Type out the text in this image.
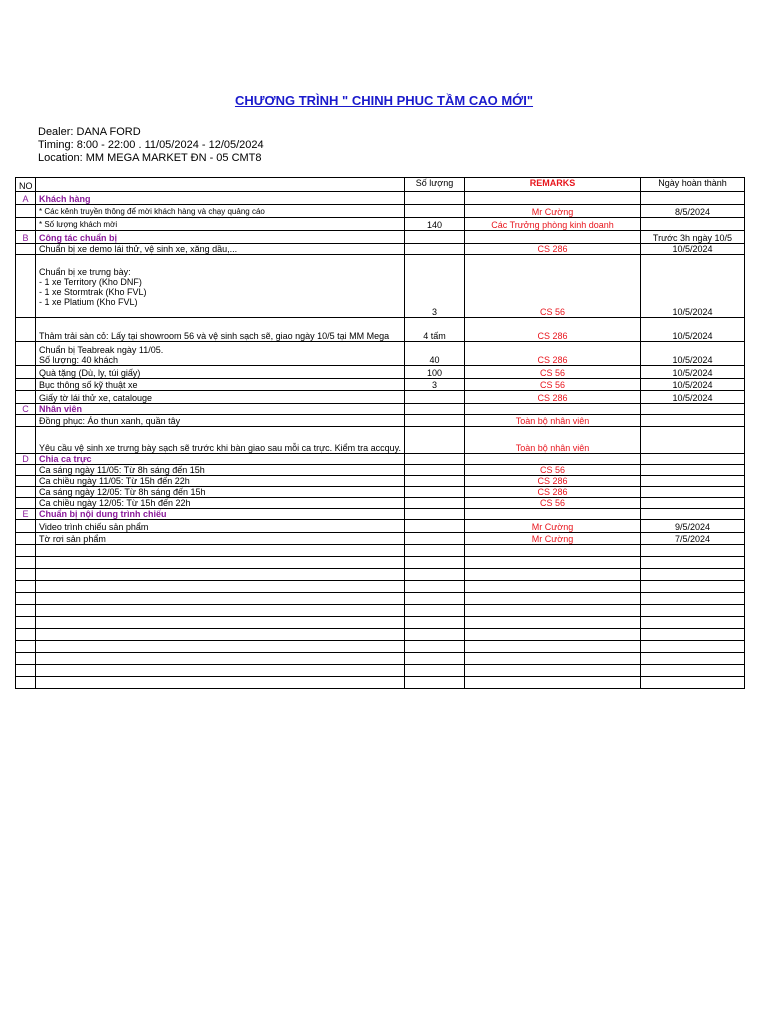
CHƯƠNG TRÌNH " CHINH PHUC TẦM CAO MỚI"
Dealer: DANA FORD
Timing: 8:00 - 22:00 . 11/05/2024 - 12/05/2024
Location: MM MEGA MARKET ĐN - 05 CMT8
NO		Số lượng	REMARKS	Ngày hoàn thành
A	Khách hàng			
	* Các kênh truyền thông để mời khách hàng và chạy quảng cáo		Mr Cường	8/5/2024
	* Số lượng khách mời	140	Các Trưởng phòng kinh doanh	
B	Công tác chuẩn bị			Trước 3h ngày 10/5
	Chuẩn bị xe demo lái thử, vệ sinh xe, xăng dầu,...		CS 286	10/5/2024
	Chuẩn bị xe trưng bày:
- 1 xe Territory (Kho DNF)
- 1 xe Stormtrak (Kho FVL)
- 1 xe Platium (Kho FVL)	3	CS 56	10/5/2024
	Thảm trải sàn cỏ: Lấy tại showroom 56 và vệ sinh sạch sẽ, giao ngày 10/5 tại MM Mega	4 tấm	CS 286	10/5/2024
	Chuẩn bị Teabreak ngày 11/05.
Số lượng: 40 khách	40	CS 286	10/5/2024
	Quà tặng (Dù, ly, túi giấy)	100	CS 56	10/5/2024
	Bục thông số kỹ thuật xe	3	CS 56	10/5/2024
	Giấy tờ lái thử xe, catalouge		CS 286	10/5/2024
C	Nhân viên			
	Đồng phục: Áo thun xanh, quần tây		Toàn bộ nhân viên	
	Yêu cầu vệ sinh xe trưng bày sạch sẽ trước khi bàn giao sau mỗi ca trực. Kiểm tra accquy.		Toàn bộ nhân viên	
D	Chia ca trực			
	Ca sáng ngày 11/05: Từ 8h sáng đến 15h		CS 56	
	Ca chiều ngày 11/05: Từ 15h đến 22h		CS 286	
	Ca sáng ngày 12/05: Từ 8h sáng đến 15h		CS 286	
	Ca chiều ngày 12/05: Từ 15h đến 22h		CS 56	
E	Chuẩn bị nội dung trình chiếu			
	Video trình chiếu sản phẩm		Mr Cường	9/5/2024
	Tờ rơi sản phẩm		Mr Cường	7/5/2024
